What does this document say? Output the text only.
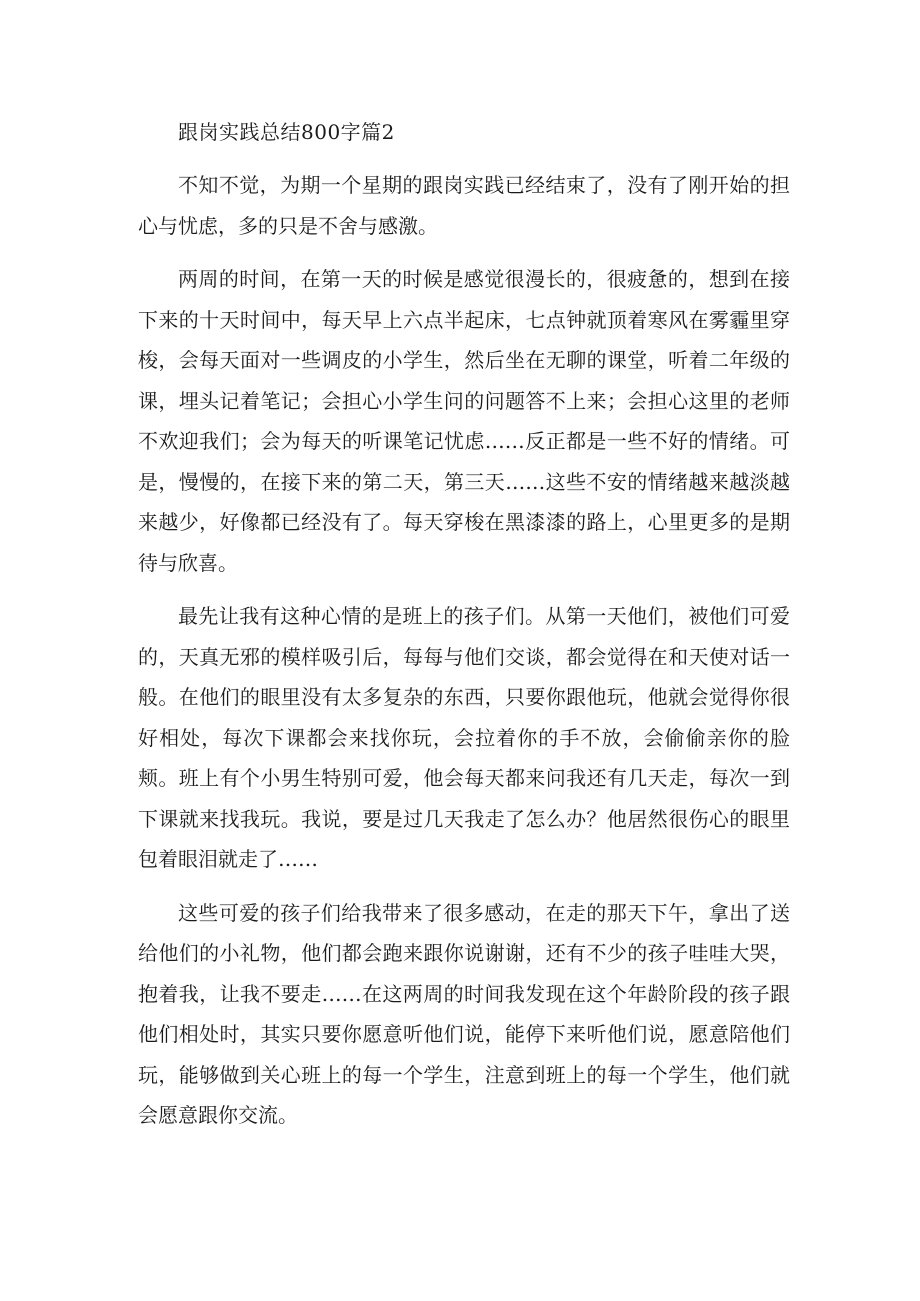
跟岗实践总结800字篇2

不知不觉，为期一个星期的跟岗实践已经结束了，没有了刚开始的担心与忧虑，多的只是不舍与感激。

两周的时间，在第一天的时候是感觉很漫长的，很疲惫的，想到在接下来的十天时间中，每天早上六点半起床，七点钟就顶着寒风在雾霾里穿梭，会每天面对一些调皮的小学生，然后坐在无聊的课堂，听着二年级的课，埋头记着笔记；会担心小学生问的问题答不上来；会担心这里的老师不欢迎我们；会为每天的听课笔记忧虑……反正都是一些不好的情绪。可是，慢慢的，在接下来的第二天，第三天……这些不安的情绪越来越淡越来越少，好像都已经没有了。每天穿梭在黑漆漆的路上，心里更多的是期待与欣喜。

最先让我有这种心情的是班上的孩子们。从第一天他们，被他们可爱的，天真无邪的模样吸引后，每每与他们交谈，都会觉得在和天使对话一般。在他们的眼里没有太多复杂的东西，只要你跟他玩，他就会觉得你很好相处，每次下课都会来找你玩，会拉着你的手不放，会偷偷亲你的脸颊。班上有个小男生特别可爱，他会每天都来问我还有几天走，每次一到下课就来找我玩。我说，要是过几天我走了怎么办？他居然很伤心的眼里包着眼泪就走了……

这些可爱的孩子们给我带来了很多感动，在走的那天下午，拿出了送给他们的小礼物，他们都会跑来跟你说谢谢，还有不少的孩子哇哇大哭，抱着我，让我不要走……在这两周的时间我发现在这个年龄阶段的孩子跟他们相处时，其实只要你愿意听他们说，能停下来听他们说，愿意陪他们玩，能够做到关心班上的每一个学生，注意到班上的每一个学生，他们就会愿意跟你交流。
